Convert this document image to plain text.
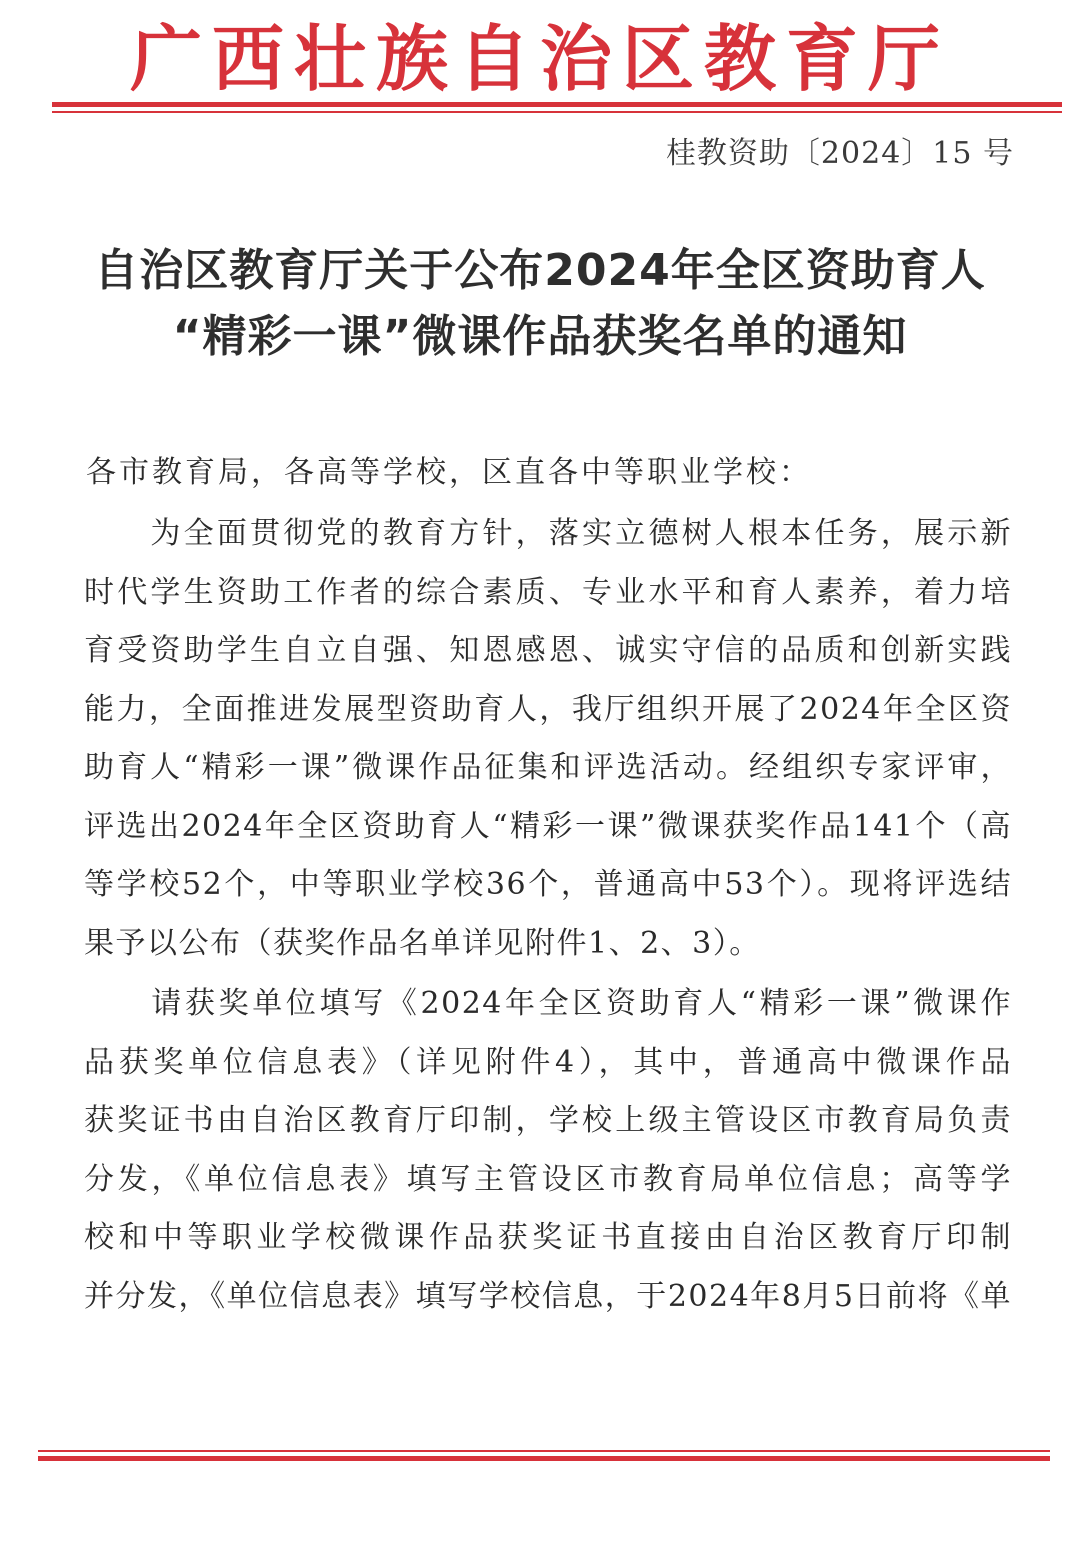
广西壮族自治区教育厅
桂教资助〔2024〕15 号
自治区教育厅关于公布2024年全区资助育人
“精彩一课”微课作品获奖名单的通知
各市教育局，各高等学校，区直各中等职业学校：
　　为全面贯彻党的教育方针，落实立德树人根本任务，展示新
时代学生资助工作者的综合素质、专业水平和育人素养，着力培
育受资助学生自立自强、知恩感恩、诚实守信的品质和创新实践
能力，全面推进发展型资助育人，我厅组织开展了2024年全区资
助育人“精彩一课”微课作品征集和评选活动。经组织专家评审，
评选出2024年全区资助育人“精彩一课”微课获奖作品141个（高
等学校52个，中等职业学校36个，普通高中53个）。现将评选结
果予以公布（获奖作品名单详见附件1、2、3）。
　　请获奖单位填写《2024年全区资助育人“精彩一课”微课作
品获奖单位信息表》（详见附件4），其中，普通高中微课作品
获奖证书由自治区教育厅印制，学校上级主管设区市教育局负责
分发，《单位信息表》填写主管设区市教育局单位信息；高等学
校和中等职业学校微课作品获奖证书直接由自治区教育厅印制
并分发，《单位信息表》填写学校信息，于2024年8月5日前将《单
